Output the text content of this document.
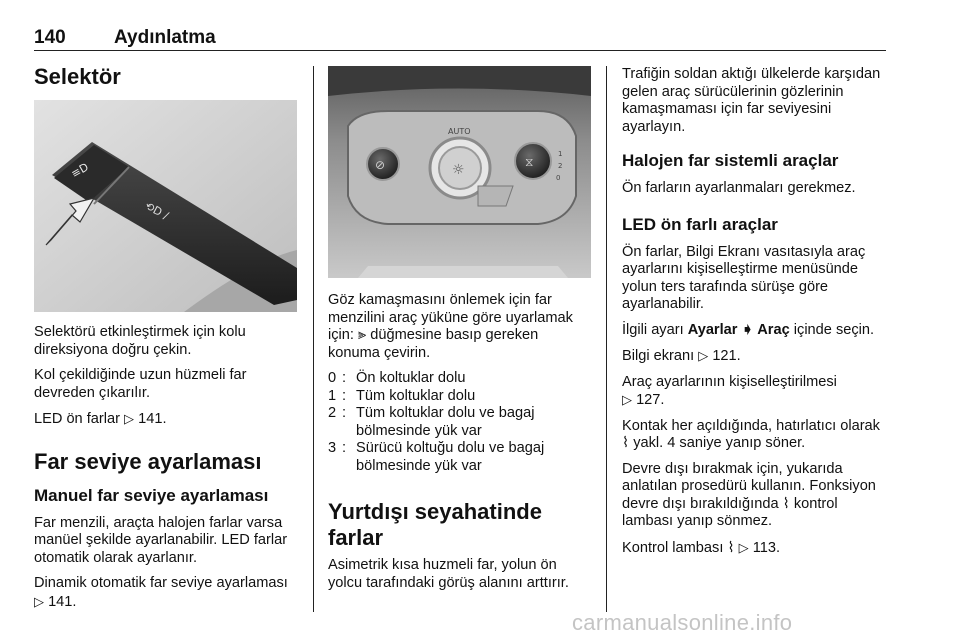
140	Aydınlatma
Selektör
≡D
⟲D /

Selektörü etkinleştirmek için kolu direksiyona doğru çekin.

Kol çekildiğinde uzun hüzmeli far devreden çıkarılır.

LED ön farlar ▷ 141.

Far seviye ayarlaması
Manuel far seviye ayarlaması

Far menzili, araçta halojen farlar varsa manüel şekilde ayarlanabilir. LED farlar otomatik olarak ayarlanır.

Dinamik otomatik far seviye ayarlaması ▷ 141.

⊘	☼
AUTO
⧖
1
2
0

Göz kamaşmasını önlemek için far menzilini araç yüküne göre uyarlamak için: ⫸ düğmesine basıp gereken konuma çevirin.

0 : Ön koltuklar dolu
1 : Tüm koltuklar dolu
2 : Tüm koltuklar dolu ve bagaj bölmesinde yük var
3 : Sürücü koltuğu dolu ve bagaj bölmesinde yük var
Yurtdışı seyahatinde farlar

Asimetrik kısa huzmeli far, yolun ön yolcu tarafındaki görüş alanını arttırır.

Trafiğin soldan aktığı ülkelerde karşıdan gelen araç sürücülerinin gözlerinin kamaşmaması için far seviyesini ayarlayın.

Halojen far sistemli araçlar

Ön farların ayarlanmaları gerekmez.

LED ön farlı araçlar

Ön farlar, Bilgi Ekranı vasıtasıyla araç ayarlarını kişiselleştirme menüsünde yolun ters tarafında sürüşe göre ayarlanabilir.

İlgili ayarı Ayarlar ➧ Araç içinde seçin.

Bilgi ekranı ▷ 121.

Araç ayarlarının kişiselleştirilmesi
▷ 127.

Kontak her açıldığında, hatırlatıcı olarak ⌇ yakl. 4 saniye yanıp söner.

Devre dışı bırakmak için, yukarıda anlatılan prosedürü kullanın. Fonksiyon devre dışı bırakıldığında ⌇ kontrol lambası yanıp sönmez.

Kontrol lambası ⌇ ▷ 113.

carmanualsonline.info
